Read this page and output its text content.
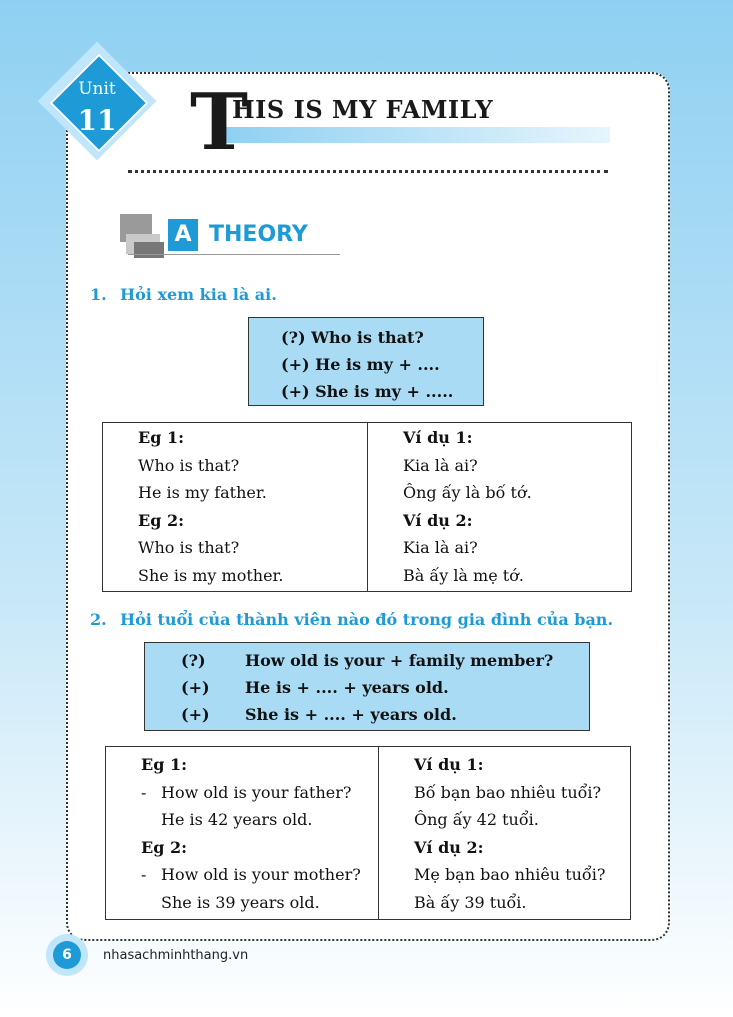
Unit
11 T
HIS IS MY FAMILY
A THEORY
1. Hỏi xem kia là ai.
(?) Who is that?
(+) He is my + ....
(+) She is my + .....
Eg 1:
Who is that?
He is my father.
Eg 2:
Who is that?
She is my mother.
Ví dụ 1:
Kia là ai?
Ông ấy là bố tớ.
Ví dụ 2:
Kia là ai?
Bà ấy là mẹ tớ.
2. Hỏi tuổi của thành viên nào đó trong gia đình của bạn.
(?) How old is your + family member?
(+) He is + .... + years old.
(+) She is + .... + years old.
Eg 1:
- How old is your father?
He is 42 years old.
Eg 2:
- How old is your mother?
She is 39 years old.
Ví dụ 1:
Bố bạn bao nhiêu tuổi?
Ông ấy 42 tuổi.
Ví dụ 2:
Mẹ bạn bao nhiêu tuổi?
Bà ấy 39 tuổi.
6	nhasachminhthang.vn
